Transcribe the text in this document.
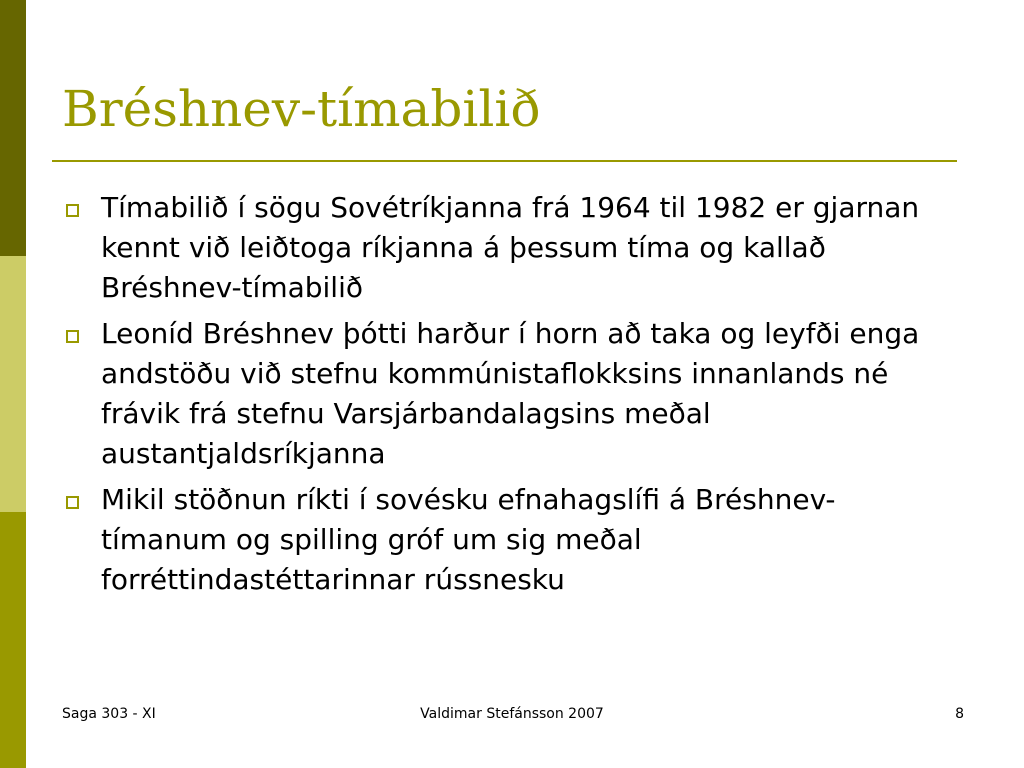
Bréshnev-tímabilið
Tímabilið í sögu Sovétríkjanna frá 1964 til 1982 er gjarnan kennt við leiðtoga ríkjanna á þessum tíma og kallað Bréshnev-tímabilið
Leoníd Bréshnev þótti harður í horn að taka og leyfði enga andstöðu við stefnu kommúnistaflokksins innanlands né frávik frá stefnu Varsjárbandalagsins meðal austantjaldsríkjanna
Mikil stöðnun ríkti í sovésku efnahagslífi á Bréshnev-tímanum og spilling gróf um sig meðal forréttindastéttarinnar rússnesku
Saga 303 - XI	Valdimar Stefánsson 2007	8
